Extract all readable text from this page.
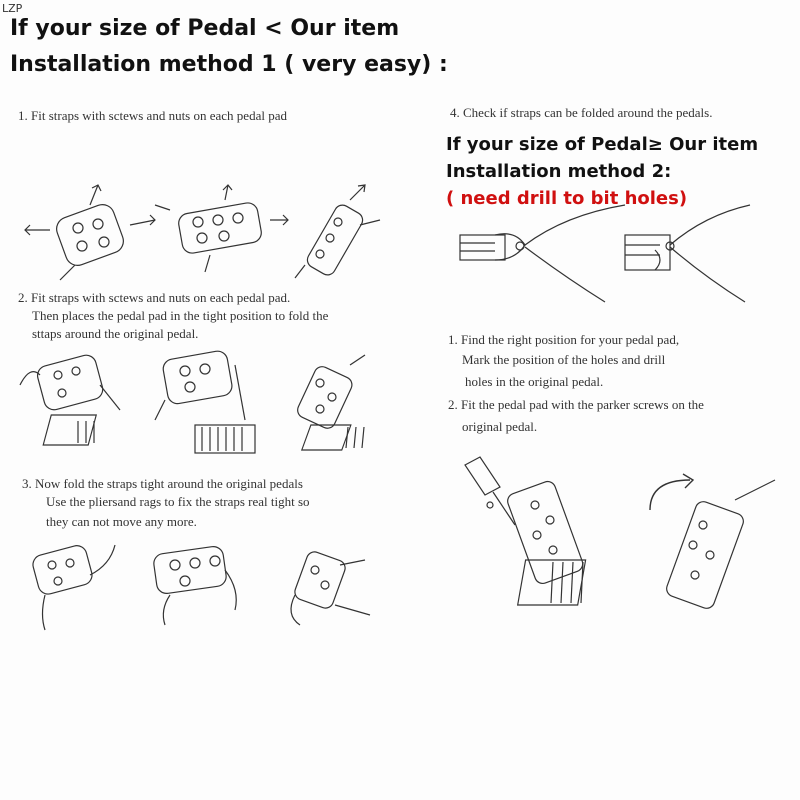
LZP
If your size of Pedal < Our item
Installation method 1 ( very easy) :
1. Fit straps with sctews and nuts on each pedal pad
2. Fit straps with sctews and nuts on each pedal pad.
Then places the pedal pad in the tight position to fold the
sttaps around the original pedal.
3. Now fold the straps tight around the original pedals
Use the pliersand rags to fix the straps real tight so
they can not move any more.
4. Check if straps can be folded around the pedals.
If your size of Pedal≥ Our item
Installation method 2:
( need drill to bit holes)
1. Find the right position for your pedal pad,
Mark the position of the holes and drill
holes in the original pedal.
2. Fit the pedal pad with the parker screws on the
original pedal.
